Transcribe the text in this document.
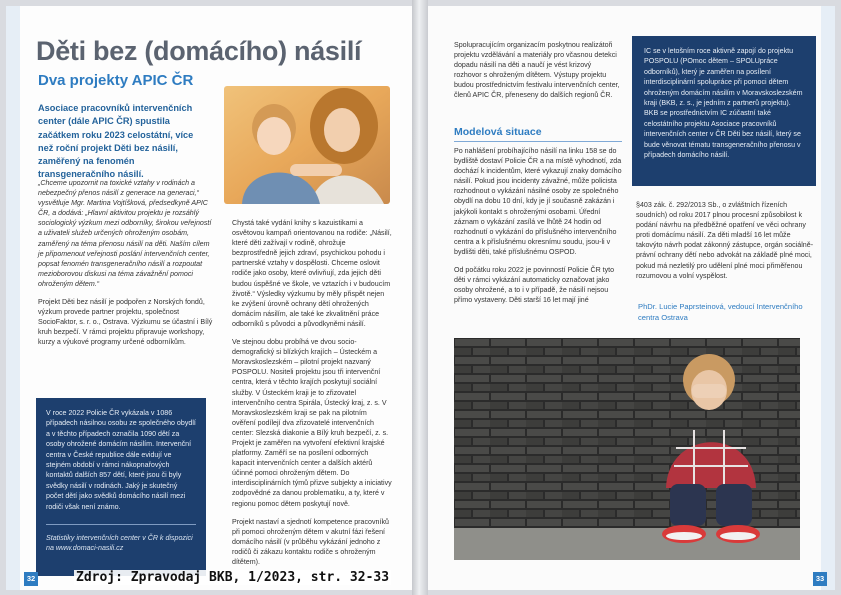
Děti bez (domácího) násilí
Dva projekty APIC ČR

Asociace pracovníků intervenčních center (dále APIC ČR) spustila začátkem roku 2023 celostátní, více než roční projekt Děti bez násilí, zaměřený na fenomén transgeneračního násilí.

„Chceme upozornit na toxické vztahy v rodinách a nebezpečný přenos násilí z generace na generaci,“ vysvětluje Mgr. Martina Vojtíšková, předsedkyně APIC ČR, a dodává: „Hlavní aktivitou projektu je rozsáhlý sociologický výzkum mezi odborníky, širokou veřejností a uživateli služeb určených ohroženým osobám, zaměřený na téma přenosu násilí na děti. Naším cílem je připomenout veřejnosti poslání intervenčních center, popsat fenomén transgeneračního násilí a rozpoutat mezioborovou diskusi na téma závažnění pomoci ohroženým dětem.“

Projekt Děti bez násilí je podpořen z Norských fondů, výzkum provede partner projektu, společnost SocioFaktor, s. r. o., Ostrava. Výzkumu se účastní i Bílý kruh bezpečí. V rámci projektu připravuje workshopy, kurzy a výukové programy určené odborníkům.

Chystá také vydání knihy s kazuistikami a osvětovou kampaň orientovanou na rodiče: „Násilí, které děti zažívají v rodině, ohrožuje bezprostředně jejich zdraví, psychickou pohodu i partnerské vztahy v dospělosti. Chceme oslovit rodiče jako osoby, které ovlivňují, zda jejich děti budou úspěšné ve škole, ve vztazích i v budoucím životě.“ Výsledky výzkumu by měly přispět nejen ke zvýšení úrovně ochrany dětí ohrožených domácím násilím, ale také ke zkvalitnění práce odborníků s původci a původkyněmi násilí.

Ve stejnou dobu probíhá ve dvou socio-demografický si blízkých krajích – Ústeckém a Moravskoslezském – pilotní projekt nazvaný POSPOLU. Nositeli projektu jsou tři intervenční centra, která v těchto krajích poskytují sociální služby. V Ústeckém kraji je to zřizovatel intervenčního centra Spirála, Ústecký kraj, z. s. V Moravskoslezském kraji se pak na pilotním ověření podílejí dva zřizovatelé intervenčních center: Slezská diakonie a Bílý kruh bezpečí, z. s. Projekt je zaměřen na vytvoření efektivní krajské platformy. Zaměří se na posílení odborných kapacit intervenčních center a dalších aktérů účinné pomoci ohroženým dětem. Do interdisciplinárních týmů přizve subjekty a iniciativy zodpovědné za danou problematiku, a ty, které v regionu pomoc dětem poskytují nově.

Projekt nastaví a sjednotí kompetence pracovníků při pomoci ohroženým dětem v akutní fázi řešení domácího násilí (v průběhu vykázání jednoho z rodičů či zákazu kontaktu rodiče s ohroženým dítětem).

V roce 2022 Policie ČR vykázala v 1086 případech násilnou osobu ze společného obydlí a v těchto případech označila 1090 dětí za osoby ohrožené domácím násilím. Intervenční centra v České republice dále evidují ve stejném období v rámci nákopnařových kontaktů dalších 857 dětí, které jsou či byly svědky násilí v rodinách. Jaký je skutečný počet dětí jako svědků domácího násilí mezi rodiči však není známo.

Statistiky intervenčních center v ČR k dispozici na www.domaci-nasili.cz

32

Spolupracujícím organizacím poskytnou realizátoři projektu vzdělávání a materiály pro včasnou detekci dopadu násilí na děti a naučí je vést krizový rozhovor s ohroženým dítětem. Výstupy projektu budou prostřednictvím festivalu intervenčních center, členů APIC ČR, přeneseny do dalších regionů ČR.

Modelová situace

Po nahlášení probíhajícího násilí na linku 158 se do bydliště dostaví Policie ČR a na místě vyhodnotí, zda dochází k incidentům, které vykazují znaky domácího násilí. Pokud jsou incidenty závažné, může policista rozhodnout o vykázání násilné osoby ze společného obydlí na dobu 10 dní, kdy je jí současně zakázán i jakýkoli kontakt s ohroženými osobami. Úřední záznam o vykázání zasílá ve lhůtě 24 hodin od rozhodnutí o vykázání do příslušného intervenčního centra a k příslušnému okresnímu soudu, jsou-li v bydlišti děti, také příslušnému OSPOD.

Od počátku roku 2022 je povinností Policie ČR tyto děti v rámci vykázání automaticky označovat jako osoby ohrožené, a to i v případě, že násilí nejsou přímo vystaveny. Děti starší 16 let mají jiné

IC se v letošním roce aktivně zapojí do projektu POSPOLU (POmoc dětem – SPOLUpráce odborníků), který je zaměřen na posílení interdisciplinární spolupráce při pomoci dětem ohroženým domácím násilím v Moravskoslezském kraji (BKB, z. s., je jedním z partnerů projektu). BKB se prostřednictvím IC zúčastní také celostátního projektu Asociace pracovníků intervenčních center v ČR Děti bez násilí, který se bude věnovat tématu transgeneračního přenosu v případech domácího násilí.

§403 zák. č. 292/2013 Sb., o zvláštních řízeních soudních) od roku 2017 plnou procesní způsobilost k podání návrhu na předběžné opatření ve věci ochrany proti domácímu násilí. Za děti mladší 16 let může takovýto návrh podat zákonný zástupce, orgán sociálně-právní ochrany dětí nebo advokát na základě plné moci, pokud má nezletilý pro udělení plné moci přiměřenou rozumovou a volní vyspělost.

PhDr. Lucie Paprsteinová, vedoucí Intervenčního centra Ostrava

33

Zdroj: Zpravodaj BKB, 1/2023, str. 32-33
